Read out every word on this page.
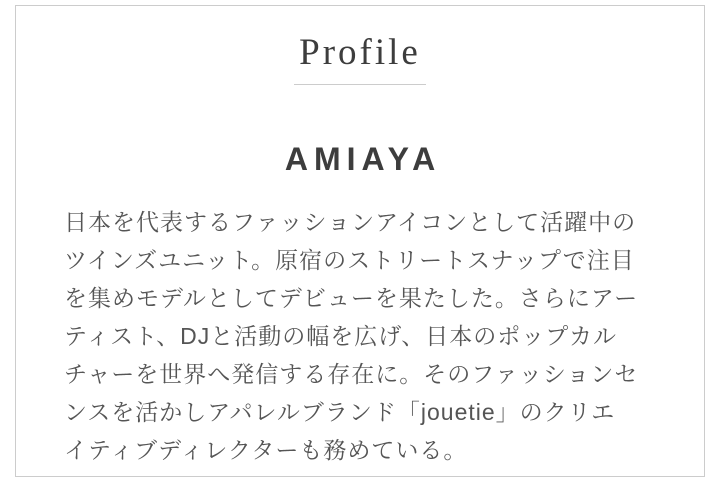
Profile
AMIAYA
日本を代表するファッションアイコンとして活躍中の
ツインズユニット。原宿のストリートスナップで注目
を集めモデルとしてデビューを果たした。さらにアー
ティスト、DJと活動の幅を広げ、日本のポップカル
チャーを世界へ発信する存在に。そのファッションセ
ンスを活かしアパレルブランド「jouetie」のクリエ
イティブディレクターも務めている。
